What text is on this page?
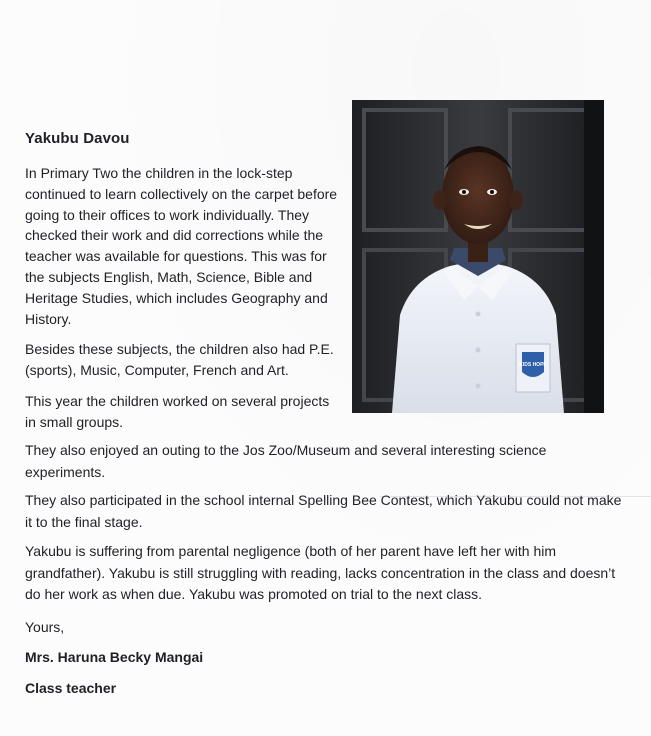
Yakubu Davou

In Primary Two the children in the lock-step continued to learn collectively on the carpet before going to their offices to work individually. They checked their work and did corrections while the teacher was available for questions. This was for the subjects English, Math, Science, Bible and Heritage Studies, which includes Geography and History.

Besides these subjects, the children also had P.E. (sports), Music, Computer, French and Art.

This year the children worked on several projects in small groups.

KIDS HOPE
They also enjoyed an outing to the Jos Zoo/Museum and several interesting science experiments.
They also participated in the school internal Spelling Bee Contest, which Yakubu could not make it to the final stage.
Yakubu is suffering from parental negligence (both of her parent have left her with him grandfather). Yakubu is still struggling with reading, lacks concentration in the class and doesn’t do her work as when due. Yakubu was promoted on trial to the next class.
Yours,
Mrs. Haruna Becky Mangai
Class teacher
